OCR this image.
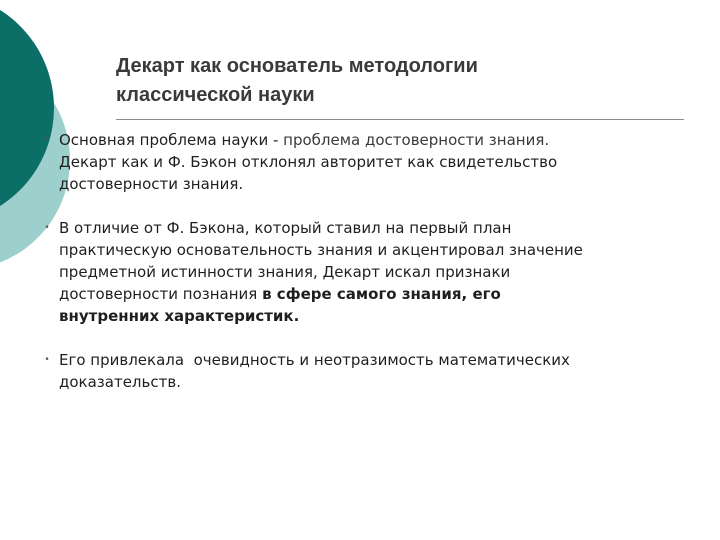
Декарт как основатель методологии
классической науки
• Основная проблема науки - проблема достоверности знания.
Декарт как и Ф. Бэкон отклонял авторитет как свидетельство
достоверности знания.
• В отличие от Ф. Бэкона, который ставил на первый план
практическую основательность знания и акцентировал значение
предметной истинности знания, Декарт искал признаки
достоверности познания в сфере самого знания, его
внутренних характеристик.
• Его привлекала  очевидность и неотразимость математических
доказательств.
